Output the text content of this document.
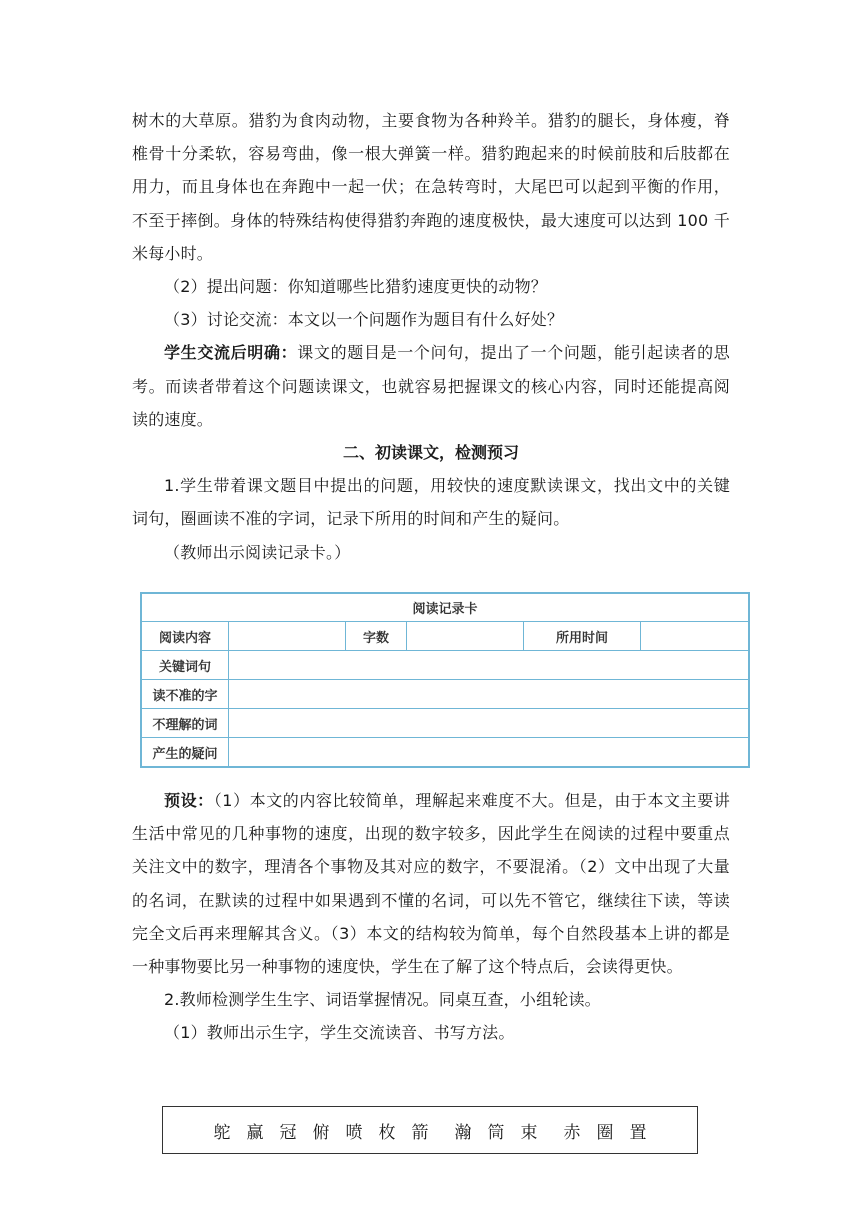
树木的大草原。猎豹为食肉动物，主要食物为各种羚羊。猎豹的腿长，身体瘦，脊椎骨十分柔软，容易弯曲，像一根大弹簧一样。猎豹跑起来的时候前肢和后肢都在用力，而且身体也在奔跑中一起一伏；在急转弯时，大尾巴可以起到平衡的作用，不至于摔倒。身体的特殊结构使得猎豹奔跑的速度极快，最大速度可以达到 100 千米每小时。

（2）提出问题：你知道哪些比猎豹速度更快的动物？

（3）讨论交流：本文以一个问题作为题目有什么好处？

学生交流后明确：课文的题目是一个问句，提出了一个问题，能引起读者的思考。而读者带着这个问题读课文，也就容易把握课文的核心内容，同时还能提高阅读的速度。

二、初读课文，检测预习

1.学生带着课文题目中提出的问题，用较快的速度默读课文，找出文中的关键词句，圈画读不准的字词，记录下所用的时间和产生的疑问。

（教师出示阅读记录卡。）

阅读记录卡					
阅读内容		字数		所用时间	
关键词句					
读不准的字					
不理解的词					
产生的疑问					

预设：（1）本文的内容比较简单，理解起来难度不大。但是，由于本文主要讲生活中常见的几种事物的速度，出现的数字较多，因此学生在阅读的过程中要重点关注文中的数字，理清各个事物及其对应的数字，不要混淆。（2）文中出现了大量的名词，在默读的过程中如果遇到不懂的名词，可以先不管它，继续往下读，等读完全文后再来理解其含义。（3）本文的结构较为简单，每个自然段基本上讲的都是一种事物要比另一种事物的速度快，学生在了解了这个特点后，会读得更快。

2.教师检测学生生字、词语掌握情况。同桌互查，小组轮读。

（1）教师出示生字，学生交流读音、书写方法。

鸵 赢 冠 俯 喷 枚 箭 瀚 筒 束 赤 圈 置
